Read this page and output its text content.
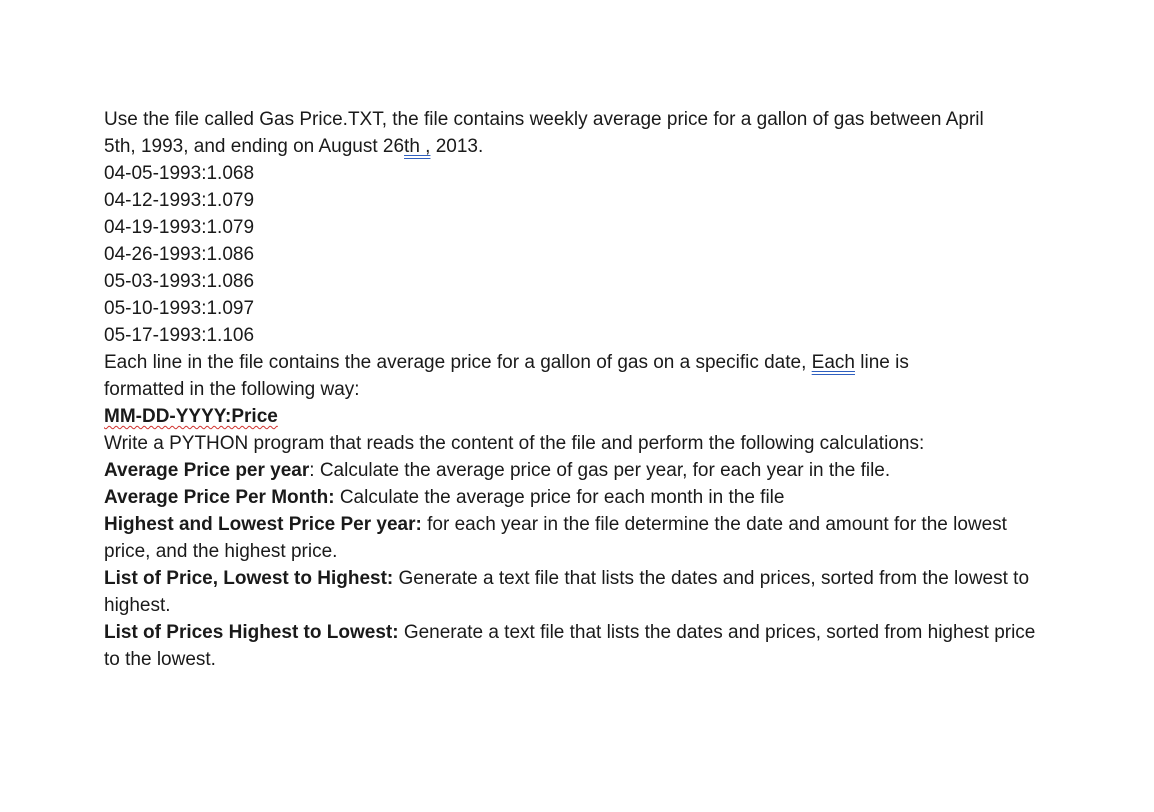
Use the file called Gas Price.TXT, the file contains weekly average price for a gallon of gas between April
5th, 1993, and ending on August 26th , 2013.
04-05-1993:1.068
04-12-1993:1.079
04-19-1993:1.079
04-26-1993:1.086
05-03-1993:1.086
05-10-1993:1.097
05-17-1993:1.106
Each line in the file contains the average price for a gallon of gas on a specific date, Each line is
formatted in the following way:
MM-DD-YYYY:Price
Write a PYTHON program that reads the content of the file and perform the following calculations:
Average Price per year: Calculate the average price of gas per year, for each year in the file.
Average Price Per Month: Calculate the average price for each month in the file
Highest and Lowest Price Per year: for each year in the file determine the date and amount for the lowest price, and the highest price.
List of Price, Lowest to Highest: Generate a text file that lists the dates and prices, sorted from the lowest to highest.
List of Prices Highest to Lowest: Generate a text file that lists the dates and prices, sorted from highest price to the lowest.
